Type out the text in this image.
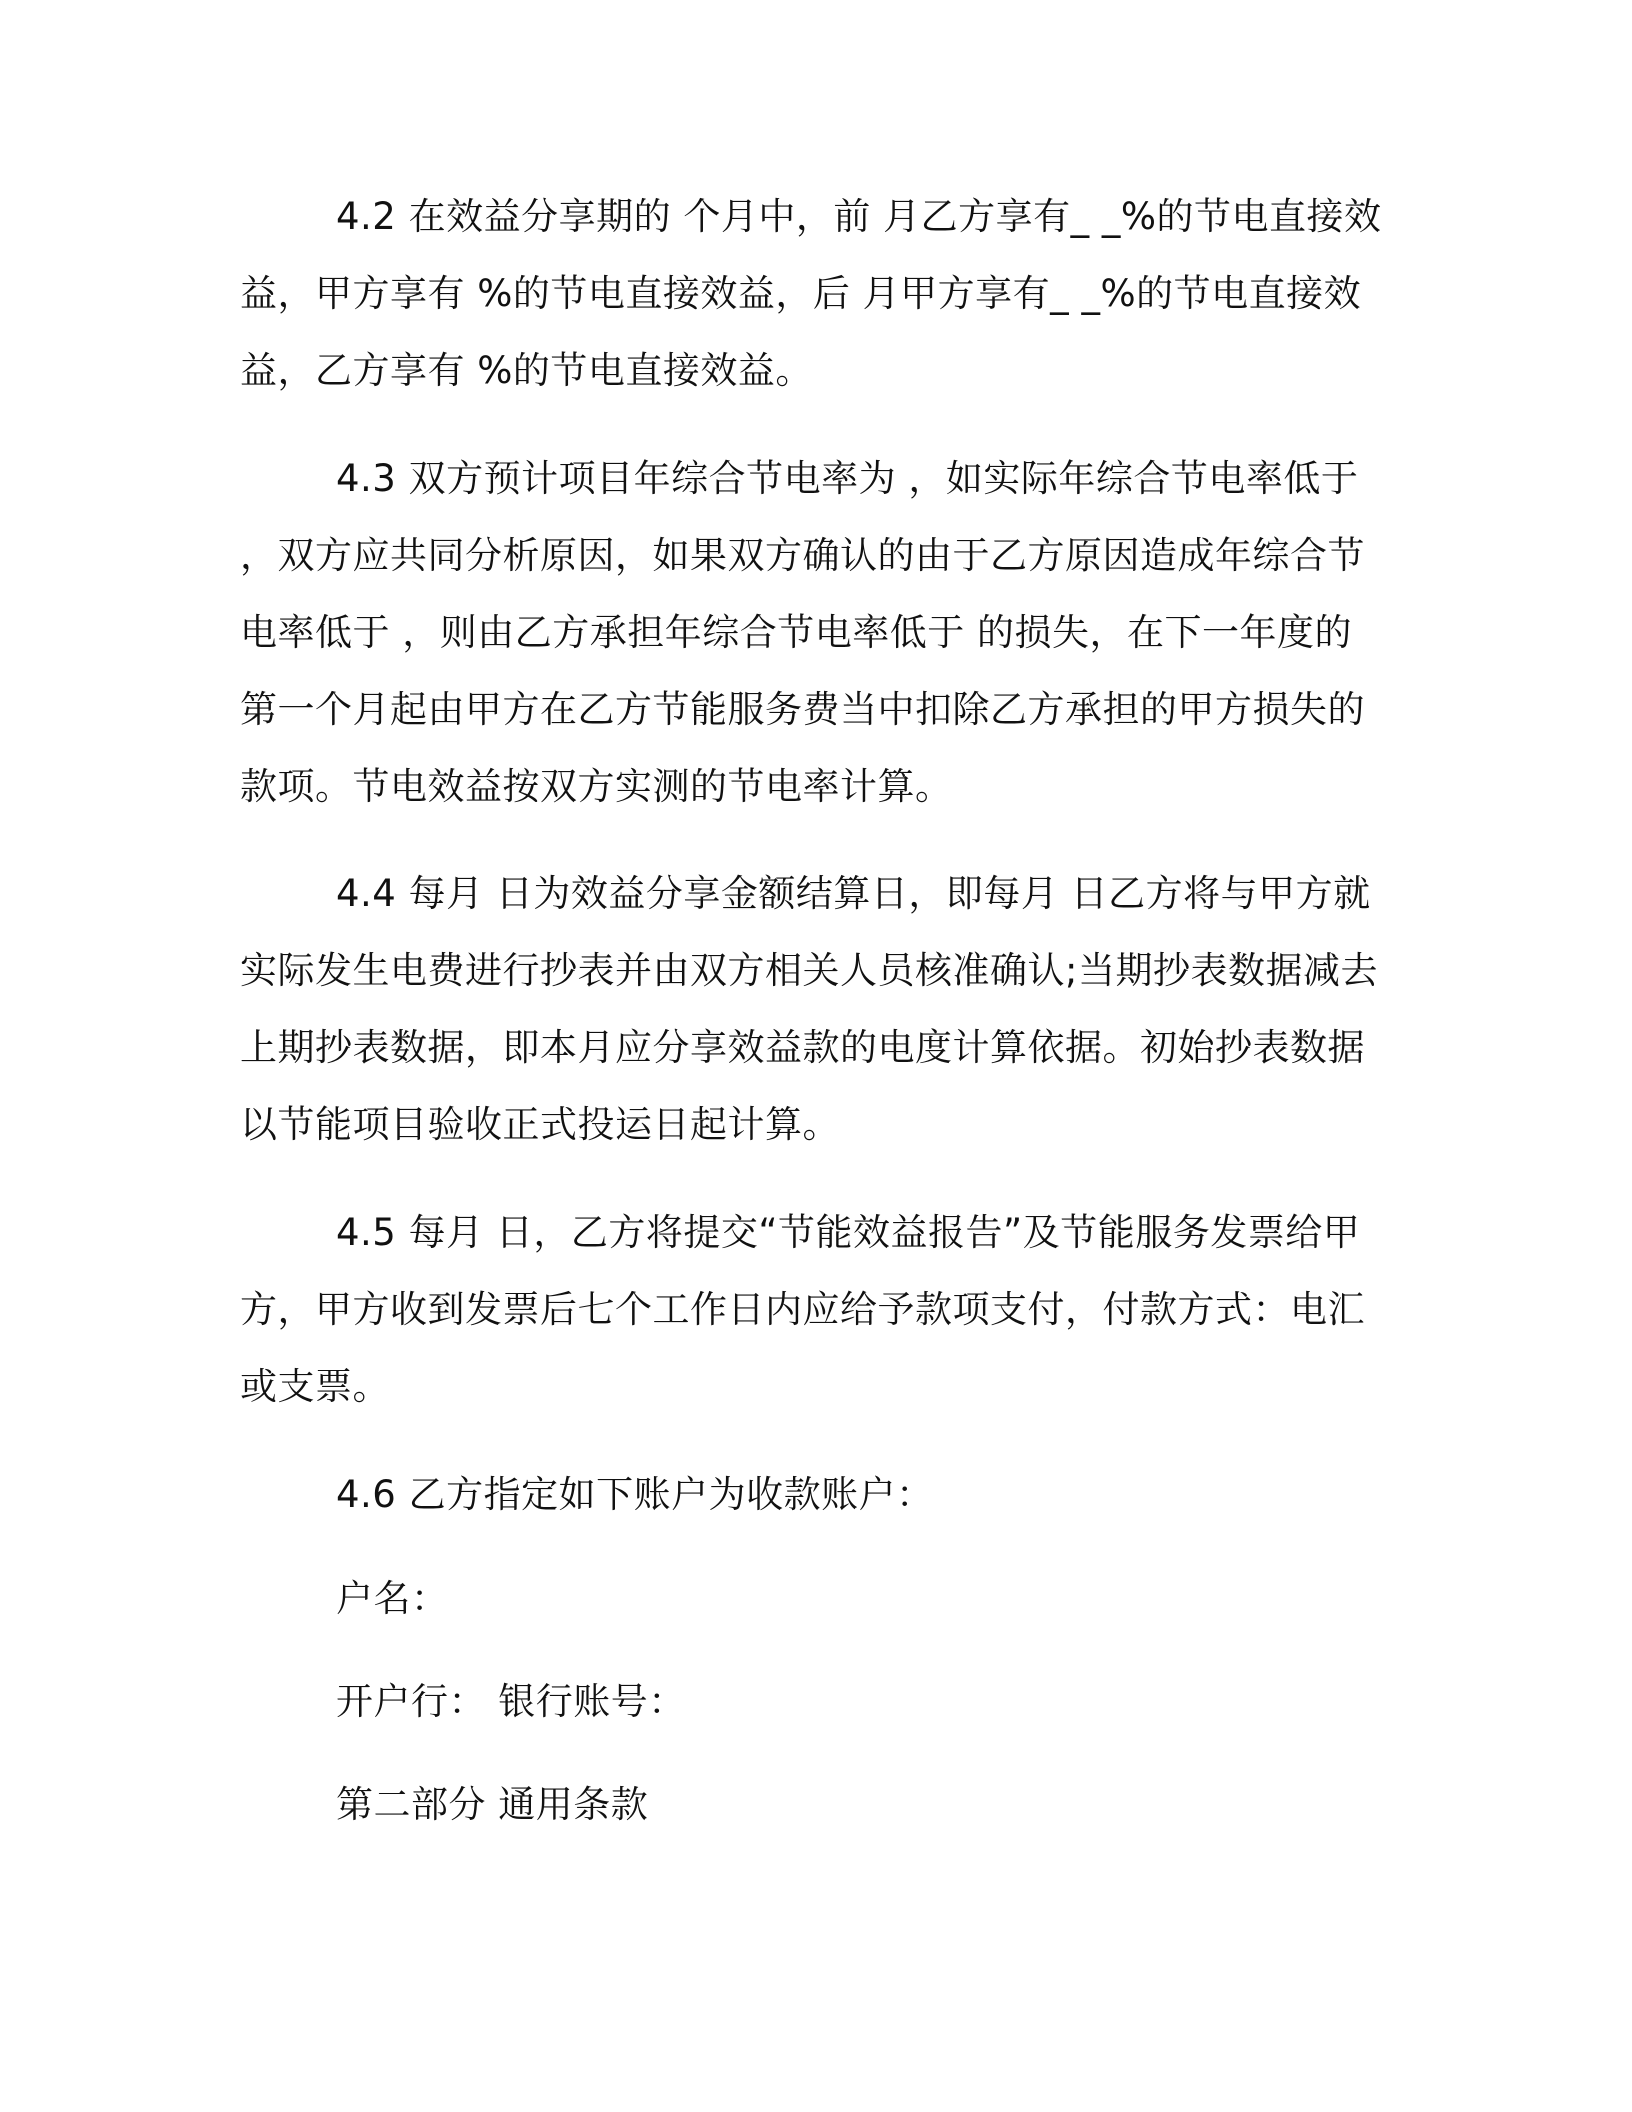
4.2 在效益分享期的 个月中，前 月乙方享有_ _%的节电直接效益，甲方享有 %的节电直接效益，后 月甲方享有_ _%的节电直接效益，乙方享有 %的节电直接效益。

4.3 双方预计项目年综合节电率为 ，如实际年综合节电率低于 ，双方应共同分析原因，如果双方确认的由于乙方原因造成年综合节电率低于 ，则由乙方承担年综合节电率低于 的损失，在下一年度的第一个月起由甲方在乙方节能服务费当中扣除乙方承担的甲方损失的款项。节电效益按双方实测的节电率计算。

4.4 每月 日为效益分享金额结算日，即每月 日乙方将与甲方就实际发生电费进行抄表并由双方相关人员核准确认;当期抄表数据减去上期抄表数据，即本月应分享效益款的电度计算依据。初始抄表数据以节能项目验收正式投运日起计算。

4.5 每月 日，乙方将提交“节能效益报告”及节能服务发票给甲方，甲方收到发票后七个工作日内应给予款项支付，付款方式：电汇或支票。

4.6 乙方指定如下账户为收款账户：

户名：

开户行： 银行账号：

第二部分 通用条款
